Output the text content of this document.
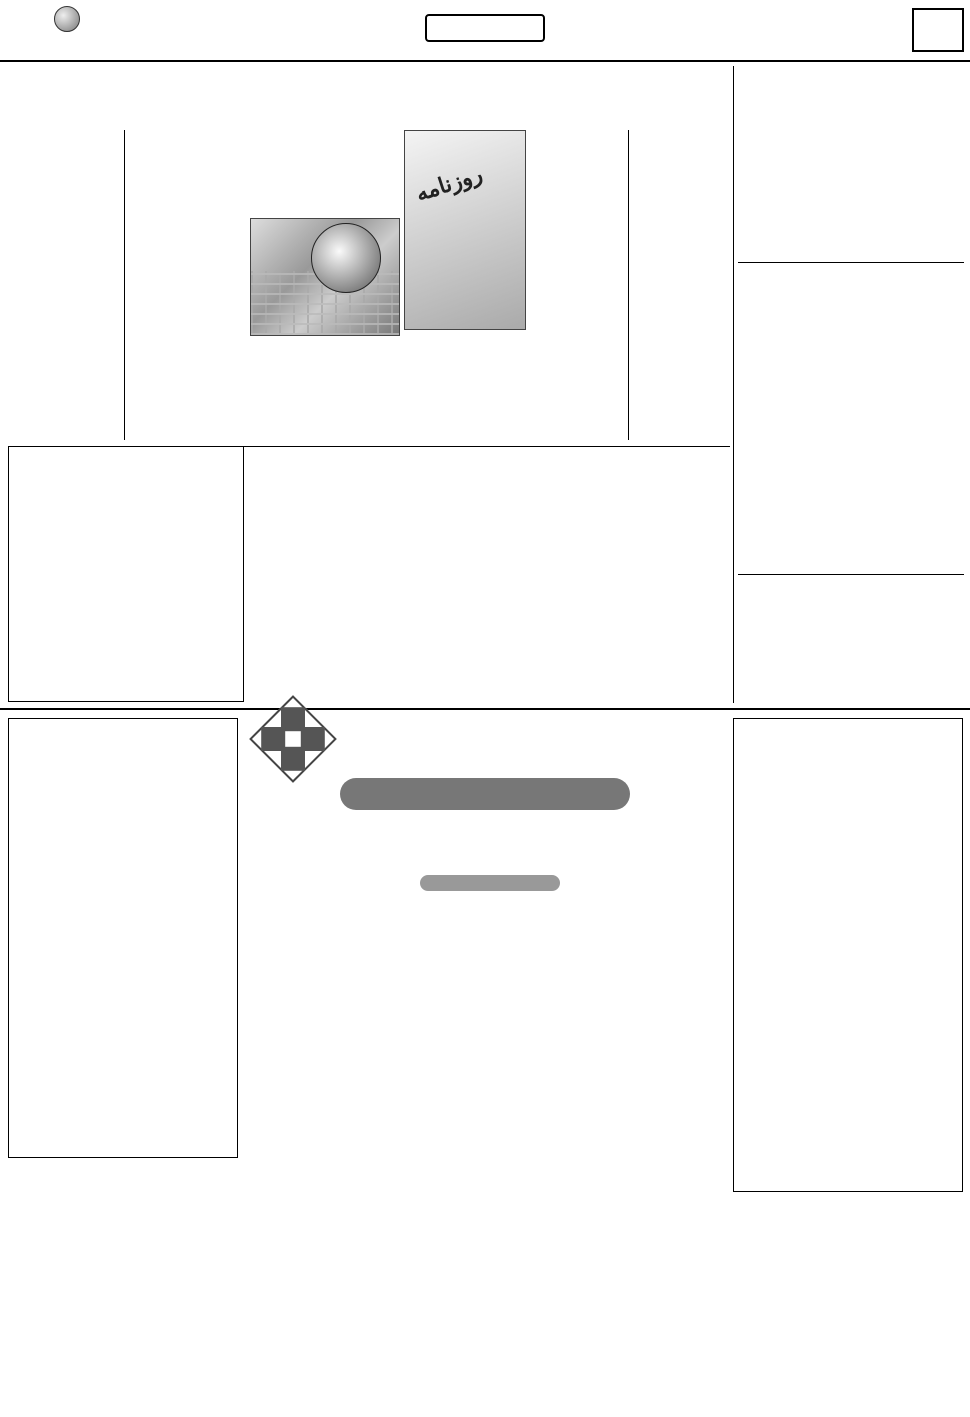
روزنامه
